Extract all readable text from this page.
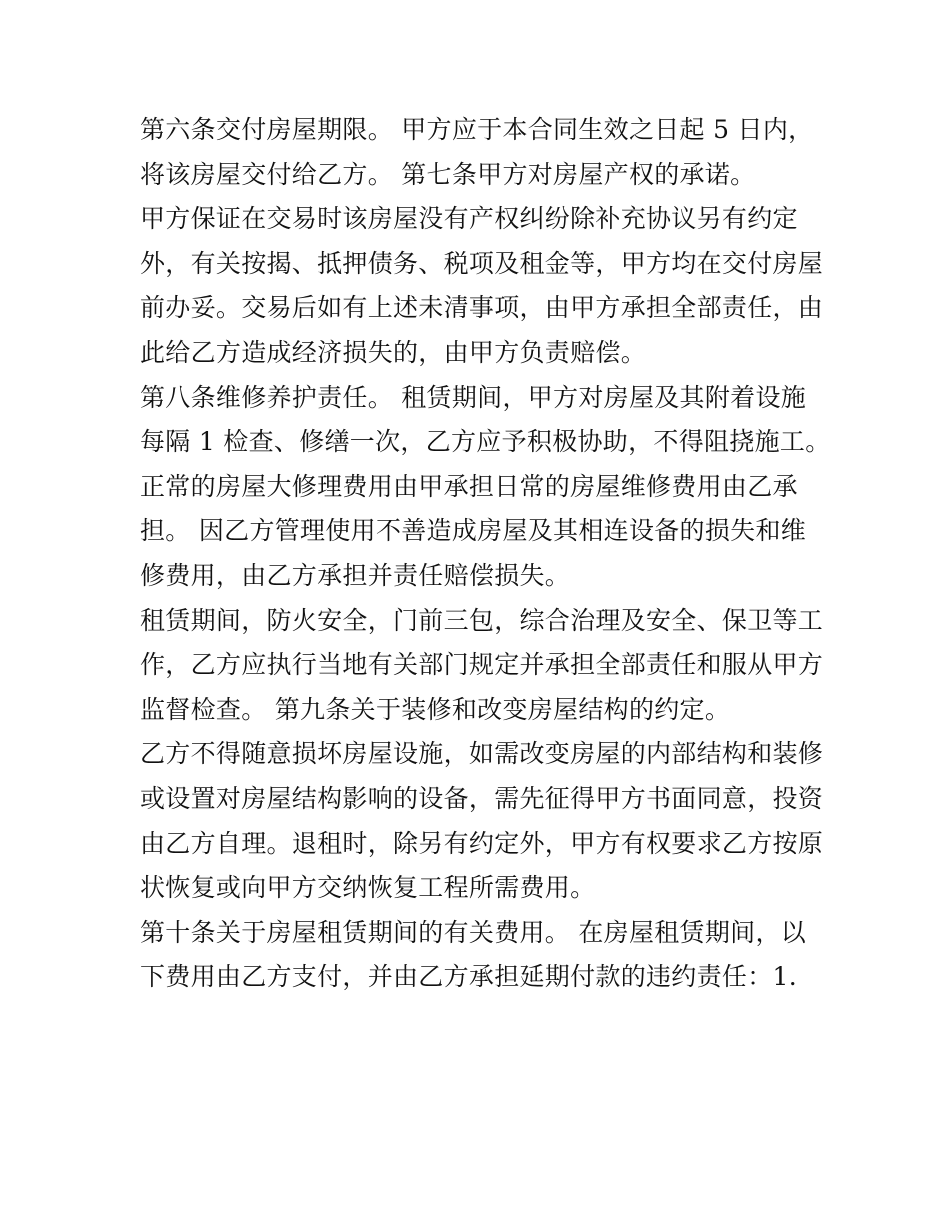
第六条交付房屋期限。 甲方应于本合同生效之日起 5 日内，
将该房屋交付给乙方。 第七条甲方对房屋产权的承诺。

甲方保证在交易时该房屋没有产权纠纷除补充协议另有约定
外，有关按揭、抵押债务、税项及租金等，甲方均在交付房屋
前办妥。交易后如有上述未清事项，由甲方承担全部责任，由
此给乙方造成经济损失的，由甲方负责赔偿。

第八条维修养护责任。 租赁期间，甲方对房屋及其附着设施
每隔 1 检查、修缮一次，乙方应予积极协助，不得阻挠施工。

正常的房屋大修理费用由甲承担日常的房屋维修费用由乙承
担。 因乙方管理使用不善造成房屋及其相连设备的损失和维
修费用，由乙方承担并责任赔偿损失。

租赁期间，防火安全，门前三包，综合治理及安全、保卫等工
作，乙方应执行当地有关部门规定并承担全部责任和服从甲方
监督检查。 第九条关于装修和改变房屋结构的约定。

乙方不得随意损坏房屋设施，如需改变房屋的内部结构和装修
或设置对房屋结构影响的设备，需先征得甲方书面同意，投资
由乙方自理。退租时，除另有约定外，甲方有权要求乙方按原
状恢复或向甲方交纳恢复工程所需费用。

第十条关于房屋租赁期间的有关费用。 在房屋租赁期间，以
下费用由乙方支付，并由乙方承担延期付款的违约责任：1.
